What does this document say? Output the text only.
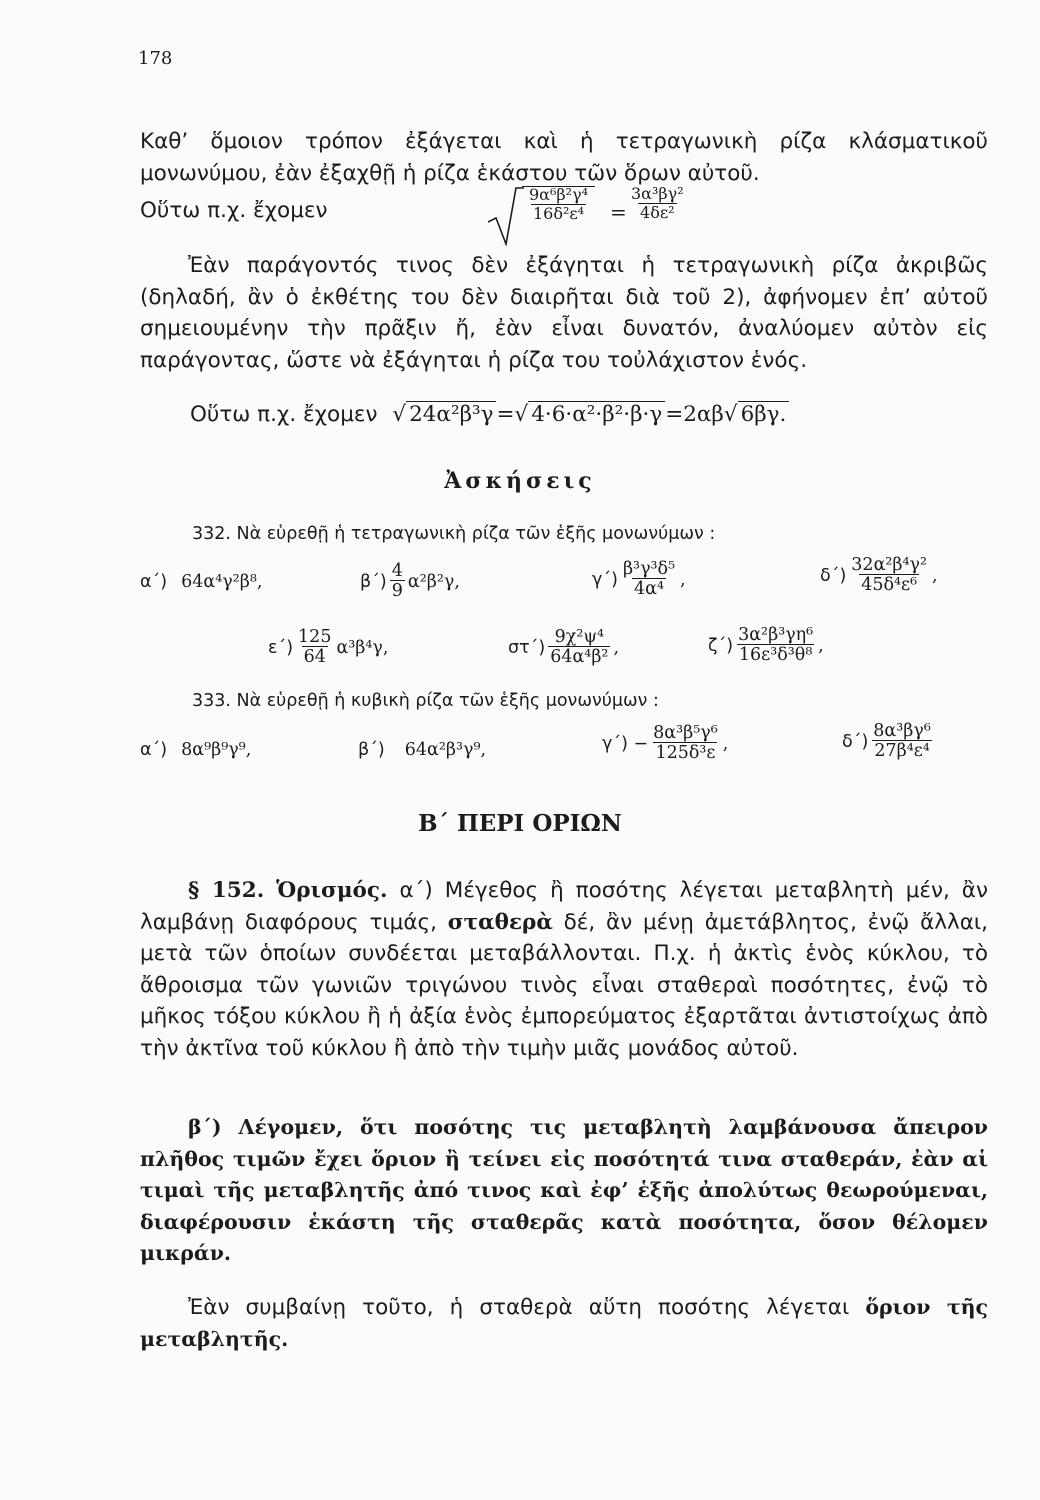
178

Καθ’ ὅμοιον τρόπον ἐξάγεται καὶ ἡ τετραγωνικὴ ρίζα κλάσματικοῦ μονωνύμου, ἐὰν ἐξαχθῇ ἡ ρίζα ἑκάστου τῶν ὅρων αὐτοῦ.

Οὕτω π.χ. ἔχομεν	$\frac{\text{9α⁶β²γ⁴}}{\text{16δ²ε⁴}} = \frac{\text{3α³βγ²}}{\text{4δε²}}$

Ἐὰν παράγοντός τινος δὲν ἐξάγηται ἡ τετραγωνικὴ ρίζα ἀκριβῶς (δηλαδή, ἂν ὁ ἐκθέτης του δὲν διαιρῆται διὰ τοῦ 2), ἀφήνομεν ἐπ’ αὐτοῦ σημειουμένην τὴν πρᾶξιν ἤ, ἐὰν εἶναι δυνατόν, ἀναλύομεν αὐτὸν εἰς παράγοντας, ὥστε νὰ ἐξάγηται ἡ ρίζα του τοὐλάχιστον ἑνός.

Οὕτω π.χ. ἔχομεν √ 24α²β³γ =√ 4·6·α²·β²·β·γ =2αβ√ 6βγ.
Ἀσκήσεις
332. Νὰ εὑρεθῇ ἡ τετραγωνικὴ ρίζα τῶν ἑξῆς μονωνύμων :
α΄) 64α⁴γ²β⁸,	$\beta΄) \frac{4}{9} \alpha^2\beta^2\gamma$,	$\gamma΄) \frac{\text{β³γ³δ⁵}}{\text{4α⁴}}$ ,	$\delta΄) \frac{\text{32α²β⁴γ²}}{\text{45δ⁴ε⁶}}$ ,
$\varepsilon΄) \frac{125}{64} \alpha^3\beta^4\gamma$,	$\sigma\tau΄) \frac{\text{9χ²ψ⁴}}{\text{64α⁴β²}}$ ,	$\zeta΄) \frac{\text{3α²β³γη⁶}}{\text{16ε³δ³θ⁸}}$ ,
333. Νὰ εὑρεθῇ ἡ κυβικὴ ρίζα τῶν ἑξῆς μονωνύμων :
α΄) 8α⁹β⁹γ⁹,	β΄) 64α²β³γ⁹,	$\gamma΄) - \frac{\text{8α³β⁵γ⁶}}{\text{125δ³ε}}$ ,	$\delta΄) \frac{\text{8α³βγ⁶}}{\text{27β⁴ε⁴}}$
Β΄ ΠΕΡΙ ΟΡΙΩΝ

§ 152. Ὁρισμός. α΄) Μέγεθος ἢ ποσότης λέγεται μεταβλητὴ μέν, ἂν λαμβάνῃ διαφόρους τιμάς, σταθερὰ δέ, ἂν μένῃ ἀμετάβλητος, ἐνῷ ἄλλαι, μετὰ τῶν ὁποίων συνδέεται μεταβάλλονται. Π.χ. ἡ ἀκτὶς ἑνὸς κύκλου, τὸ ἄθροισμα τῶν γωνιῶν τριγώνου τινὸς εἶναι σταθεραὶ ποσότητες, ἐνῷ τὸ μῆκος τόξου κύκλου ἢ ἡ ἀξία ἑνὸς ἐμπορεύματος ἐξαρτᾶται ἀντιστοίχως ἀπὸ τὴν ἀκτῖνα τοῦ κύκλου ἢ ἀπὸ τὴν τιμὴν μιᾶς μονάδος αὐτοῦ.

β΄) Λέγομεν, ὅτι ποσότης τις μεταβλητὴ λαμβάνουσα ἄπειρον πλῆθος τιμῶν ἔχει ὅριον ἢ τείνει εἰς ποσότητά τινα σταθεράν, ἐὰν αἱ τιμαὶ τῆς μεταβλητῆς ἀπό τινος καὶ ἐφ’ ἑξῆς ἀπολύτως θεωρούμεναι, διαφέρουσιν ἑκάστη τῆς σταθερᾶς κατὰ ποσότητα, ὅσον θέλομεν μικράν.

Ἐὰν συμβαίνῃ τοῦτο, ἡ σταθερὰ αὕτη ποσότης λέγεται ὅριον τῆς μεταβλητῆς.
